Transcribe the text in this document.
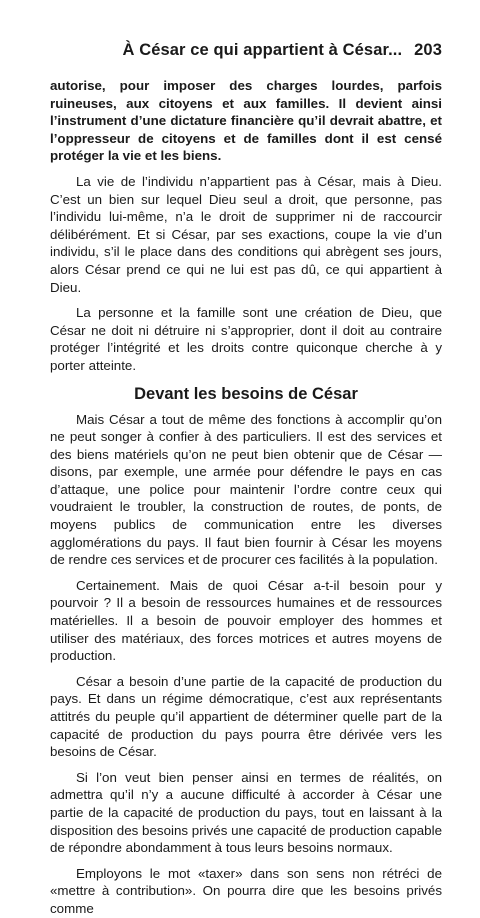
À César ce qui appartient à César... 203

autorise, pour imposer des charges lourdes, parfois ruineuses, aux citoyens et aux familles. Il devient ainsi l’instrument d’une dictature financière qu’il devrait abattre, et l’oppresseur de citoyens et de familles dont il est censé protéger la vie et les biens.

La vie de l’individu n’appartient pas à César, mais à Dieu. C’est un bien sur lequel Dieu seul a droit, que personne, pas l’individu lui-même, n’a le droit de supprimer ni de raccourcir délibérément. Et si César, par ses exactions, coupe la vie d’un individu, s’il le place dans des conditions qui abrègent ses jours, alors César prend ce qui ne lui est pas dû, ce qui appartient à Dieu.

La personne et la famille sont une création de Dieu, que César ne doit ni détruire ni s’approprier, dont il doit au contraire protéger l’intégrité et les droits contre quiconque cherche à y porter atteinte.

Devant les besoins de César

Mais César a tout de même des fonctions à accomplir qu’on ne peut songer à confier à des particuliers. Il est des services et des biens matériels qu’on ne peut bien obtenir que de César — disons, par exemple, une armée pour défendre le pays en cas d’attaque, une police pour maintenir l’ordre contre ceux qui voudraient le troubler, la construction de routes, de ponts, de moyens publics de communication entre les diverses agglomérations du pays. Il faut bien fournir à César les moyens de rendre ces services et de procurer ces facilités à la population.

Certainement. Mais de quoi César a-t-il besoin pour y pourvoir ? Il a besoin de ressources humaines et de ressources matérielles. Il a besoin de pouvoir employer des hommes et utiliser des matériaux, des forces motrices et autres moyens de production.

César a besoin d’une partie de la capacité de production du pays. Et dans un régime démocratique, c’est aux représentants attitrés du peuple qu’il appartient de déterminer quelle part de la capacité de production du pays pourra être dérivée vers les besoins de César.

Si l’on veut bien penser ainsi en termes de réalités, on admettra qu’il n’y a aucune difficulté à accorder à César une partie de la capacité de production du pays, tout en laissant à la disposition des besoins privés une capacité de production capable de répondre abondamment à tous leurs besoins normaux.

Employons le mot «taxer» dans son sens non rétréci de «mettre à contribution». On pourra dire que les besoins privés comme
